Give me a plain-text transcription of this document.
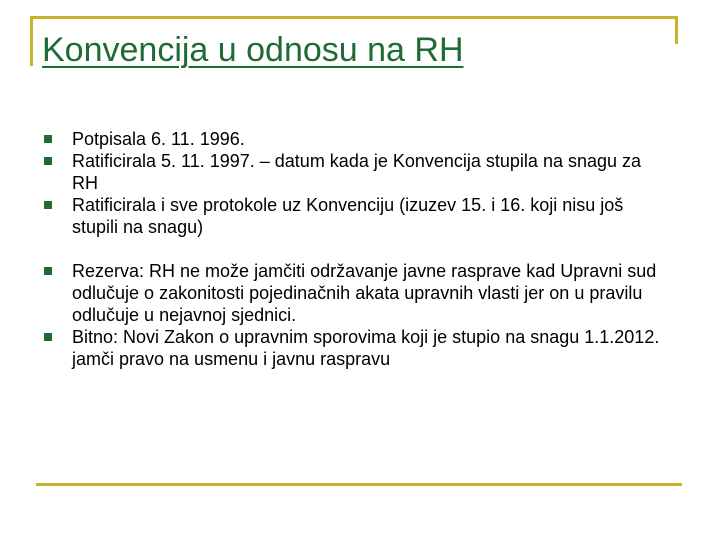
Konvencija u odnosu na RH
Potpisala 6. 11. 1996.
Ratificirala 5. 11. 1997. – datum kada je Konvencija stupila na snagu za RH
Ratificirala i sve protokole uz Konvenciju (izuzev 15. i 16. koji nisu još stupili na snagu)
Rezerva: RH ne može jamčiti održavanje javne rasprave kad Upravni sud odlučuje o zakonitosti pojedinačnih akata upravnih vlasti jer on u pravilu odlučuje u nejavnoj sjednici.
Bitno: Novi Zakon o upravnim sporovima koji je stupio na snagu 1.1.2012. jamči pravo na usmenu i javnu raspravu
